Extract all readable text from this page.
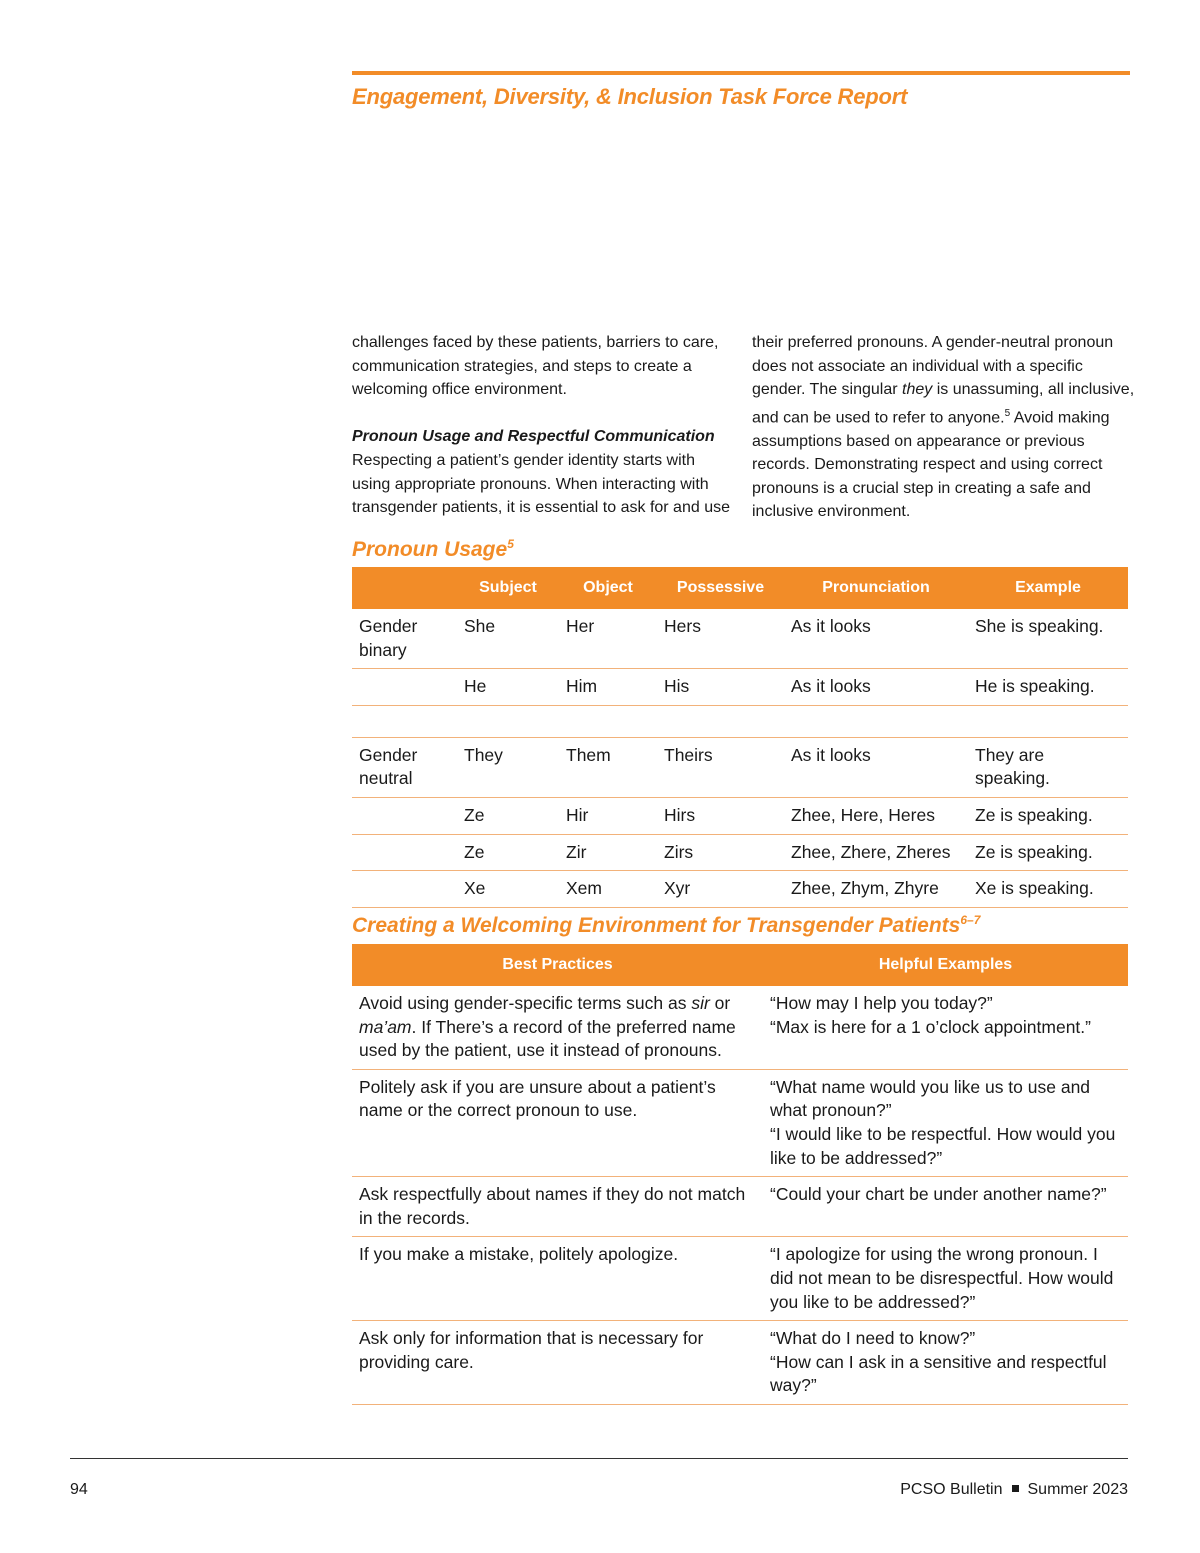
Engagement, Diversity, & Inclusion Task Force Report

challenges faced by these patients, barriers to care, communication strategies, and steps to create a welcoming office environment.

Pronoun Usage and Respectful Communication

Respecting a patient’s gender identity starts with using appropriate pronouns. When interacting with transgender patients, it is essential to ask for and use

their preferred pronouns. A gender-neutral pronoun does not associate an individual with a specific gender. The singular they is unassuming, all inclusive, and can be used to refer to anyone.$^5$ Avoid making assumptions based on appearance or previous records. Demonstrating respect and using correct pronouns is a crucial step in creating a safe and inclusive environment.

Pronoun Usage$^5$
	Subject	Object	Possessive	Pronunciation	Example
Gender binary	She	Her	Hers	As it looks	She is speaking.
	He	Him	His	As it looks	He is speaking.

Gender neutral	They	Them	Theirs	As it looks	They are speaking.
	Ze	Hir	Hirs	Zhee, Here, Heres	Ze is speaking.
	Ze	Zir	Zirs	Zhee, Zhere, Zheres	Ze is speaking.
	Xe	Xem	Xyr	Zhee, Zhym, Zhyre	Xe is speaking.
Creating a Welcoming Environment for Transgender Patients$^{6-7}$
Best Practices	Helpful Examples
Avoid using gender-specific terms such as sir or ma’am. If There’s a record of the preferred name used by the patient, use it instead of pronouns.	“How may I help you today?”
“Max is here for a 1 o’clock appointment.”

Politely ask if you are unsure about a patient’s name or the correct pronoun to use.	“What name would you like us to use and what pronoun?”
“I would like to be respectful. How would you like to be addressed?”

Ask respectfully about names if they do not match in the records.	“Could your chart be under another name?”

If you make a mistake, politely apologize.	“I apologize for using the wrong pronoun. I did not mean to be disrespectful. How would you like to be addressed?”

Ask only for information that is necessary for providing care.	“What do I need to know?”
“How can I ask in a sensitive and respectful way?”
94	PCSO Bulletin Summer 2023
